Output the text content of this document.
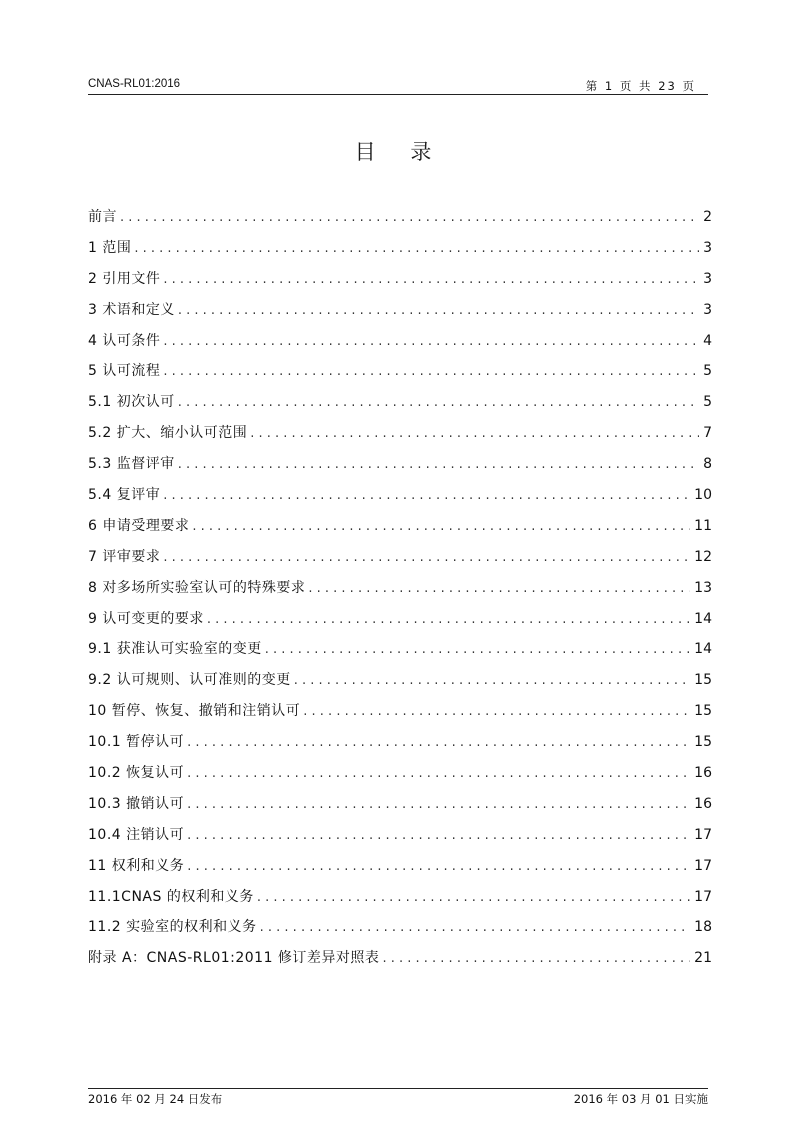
CNAS-RL01:2016	第 1 页 共 23 页
目 录
前言 . . .	2
1 范围 . . .	3
2 引用文件 . . .	3
3 术语和定义 . . .	3
4 认可条件 . . .	4
5 认可流程 . . .	5
5.1 初次认可 . . .	5
5.2 扩大、缩小认可范围 . . .	7
5.3 监督评审 . . .	8
5.4 复评审 . . .	10
6 申请受理要求 . . .	11
7 评审要求 . . .	12
8 对多场所实验室认可的特殊要求 . . .	13
9 认可变更的要求 . . .	14
9.1 获准认可实验室的变更 . . .	14
9.2 认可规则、认可准则的变更 . . .	15
10 暂停、恢复、撤销和注销认可 . . .	15
10.1 暂停认可 . . .	15
10.2 恢复认可 . . .	16
10.3 撤销认可 . . .	16
10.4 注销认可 . . .	17
11 权利和义务 . . .	17
11.1CNAS 的权利和义务 . . .	17
11.2 实验室的权利和义务 . . .	18
附录 A：CNAS-RL01:2011 修订差异对照表 . . .	21
2016 年 02 月 24 日发布	2016 年 03 月 01 日实施
